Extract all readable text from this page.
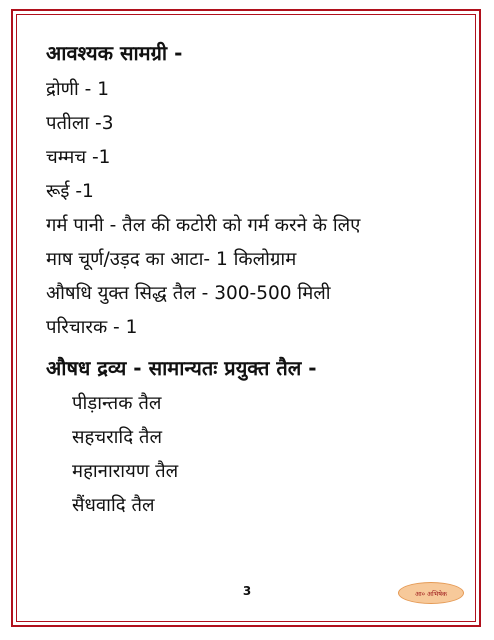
आवश्यक सामग्री -
द्रोणी - 1
पतीला -3
चम्मच -1
रूई -1
गर्म पानी - तैल की कटोरी को गर्म करने के लिए
माष चूर्ण/उड़द का आटा- 1 किलोग्राम
औषधि युक्त सिद्ध तैल - 300-500 मिली
परिचारक - 1
औषध द्रव्य - सामान्यतः प्रयुक्त तैल -
पीड़ान्तक तैल
सहचरादि तैल
महानारायण तैल
सैंधवादि तैल
3	आ० अभिषेक
